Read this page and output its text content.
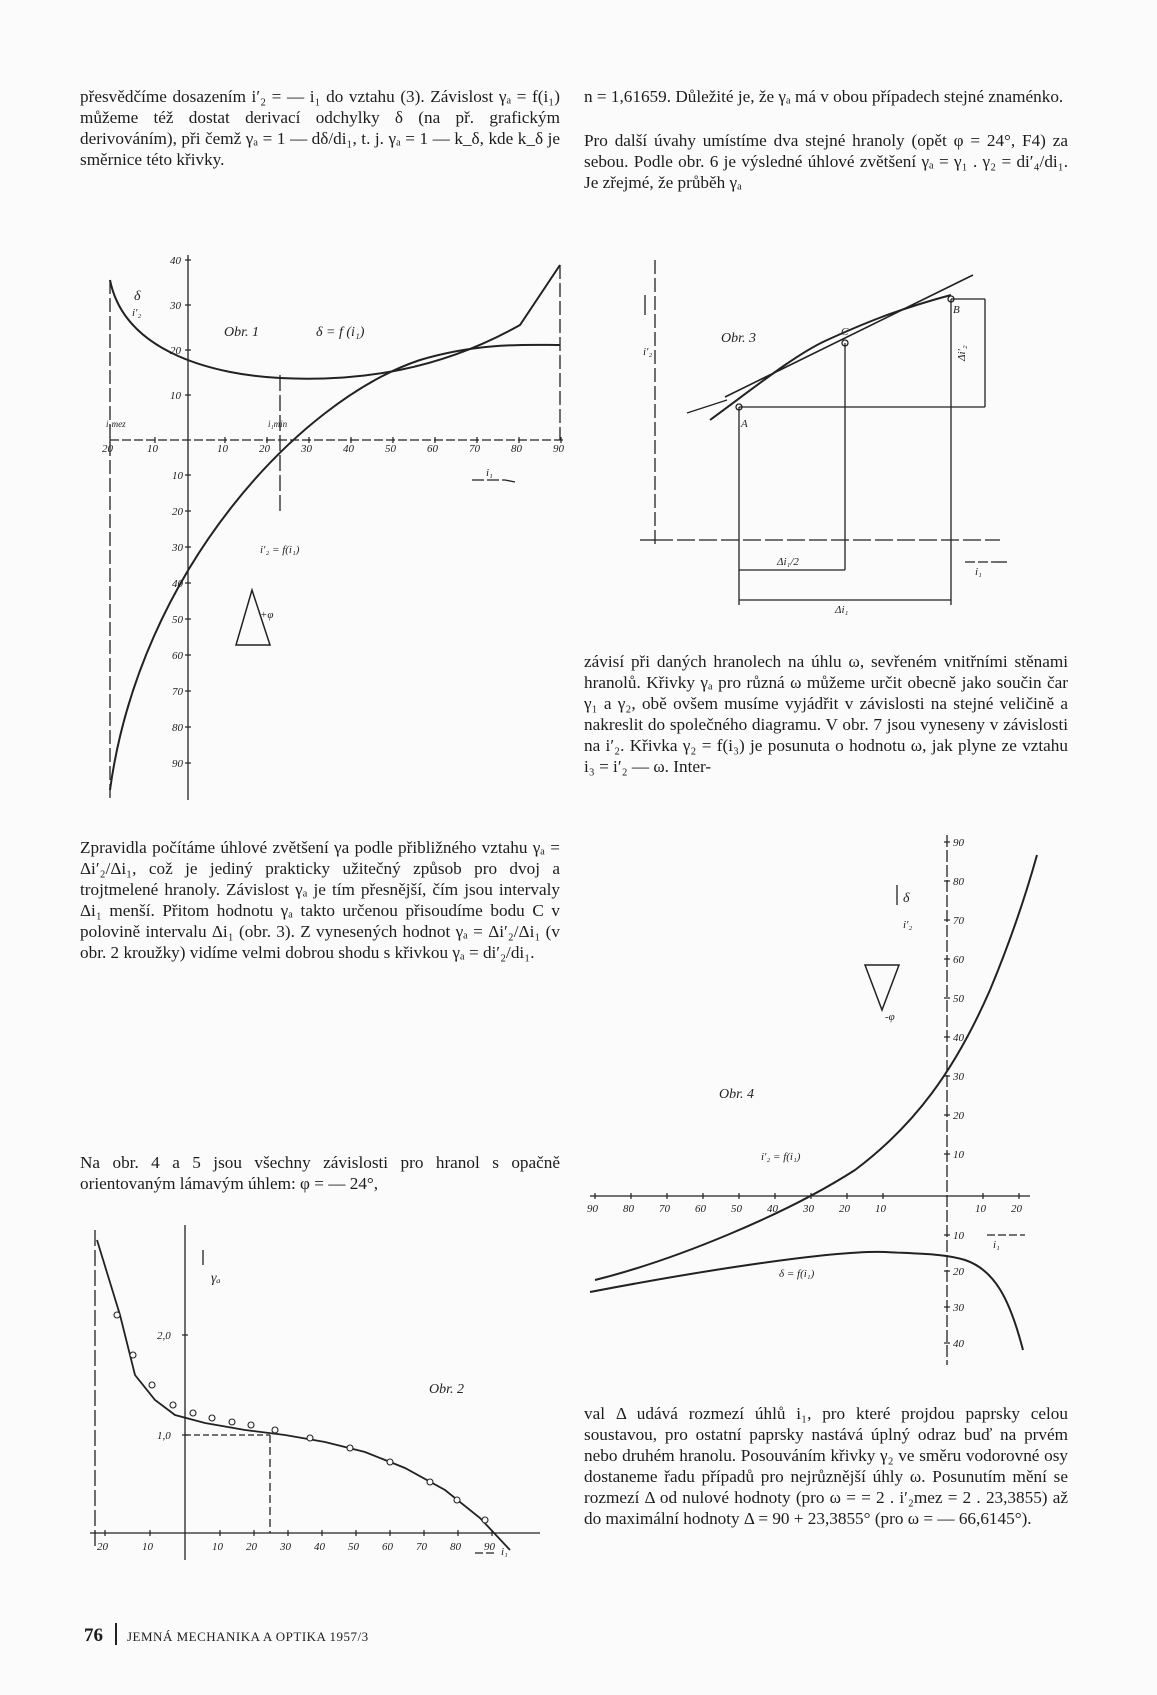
přesvědčíme dosazením i′₂ = — i₁ do vztahu (3). Závislost γₐ = f(i₁) můžeme též dostat derivací odchylky δ (na př. grafickým derivováním), při čemž γₐ = 1 — dδ/di₁, t. j. γₐ = 1 — k_δ, kde k_δ je směrnice této křivky.

Zpravidla počítáme úhlové zvětšení γa podle přibližného vztahu γₐ = Δi′₂/Δi₁, což je jediný prakticky užitečný způsob pro dvoj a trojtmelené hranoly. Závislost γₐ je tím přesnější, čím jsou intervaly Δi₁ menší. Přitom hodnotu γₐ takto určenou přisoudíme bodu C v polovině intervalu Δi₁ (obr. 3). Z vynesených hodnot γₐ = Δi′₂/Δi₁ (v obr. 2 kroužky) vidíme velmi dobrou shodu s křivkou γₐ = di′₂/di₁.

Na obr. 4 a 5 jsou všechny závislosti pro hranol s opačně orientovaným lámavým úhlem: φ = — 24°,

n = 1,61659. Důležité je, že γₐ má v obou případech stejné znaménko.

Pro další úvahy umístíme dva stejné hranoly (opět φ = 24°, F4) za sebou. Podle obr. 6 je výsledné úhlové zvětšení γₐ = γ₁ . γ₂ = di′₄/di₁. Je zřejmé, že průběh γₐ

závisí při daných hranolech na úhlu ω, sevřeném vnitřními stěnami hranolů. Křivky γₐ pro různá ω můžeme určit obecně jako součin čar γ₁ a γ₂, obě ovšem musíme vyjádřit v závislosti na stejné veličině a nakreslit do společného diagramu. V obr. 7 jsou vyneseny v závislosti na i′₂. Křivka γ₂ = f(i₃) je posunuta o hodnotu ω, jak plyne ze vztahu i₃ = i′₂ — ω. Inter-

val Δ udává rozmezí úhlů i₁, pro které projdou paprsky celou soustavou, pro ostatní paprsky nastává úplný odraz buď na prvém nebo druhém hranolu. Posouváním křivky γ₂ ve směru vodorovné osy dostaneme řadu případů pro nejrůznější úhly ω. Posunutím mění se rozmezí Δ od nulové hodnoty (pro ω = = 2 . i′₂mez = 2 . 23,3855) až do maximální hodnoty Δ = 90 + 23,3855° (pro ω = — 66,6145°).

40
30
20
10
10
20
30
40
50
60
70
80
90
20	10	10	20	30	40	50	60	70	80	90
δ
i′₂
Obr. 1	δ = f (i₁)
i′₂ = f(i₁)
i₁
+φ
i₁mez	i₁min
2,0
1,0
20	10	10 20 30 40 50 60 70 80 90
γₐ
Obr. 2
i₁
Obr. 3
A
B
C
i′₂
i₁
Δi′₂
Δi₁/2
Δi₁
90
80
70
60
50
40
30
20
10
10
20
30
40
90 80 70 60 50 40 30 20 10	10 20
δ
i′₂
Obr. 4
i′₂ = f(i₁)
δ = f(i₁)
i₁
-φ
76 JEMNÁ MECHANIKA A OPTIKA 1957/3
